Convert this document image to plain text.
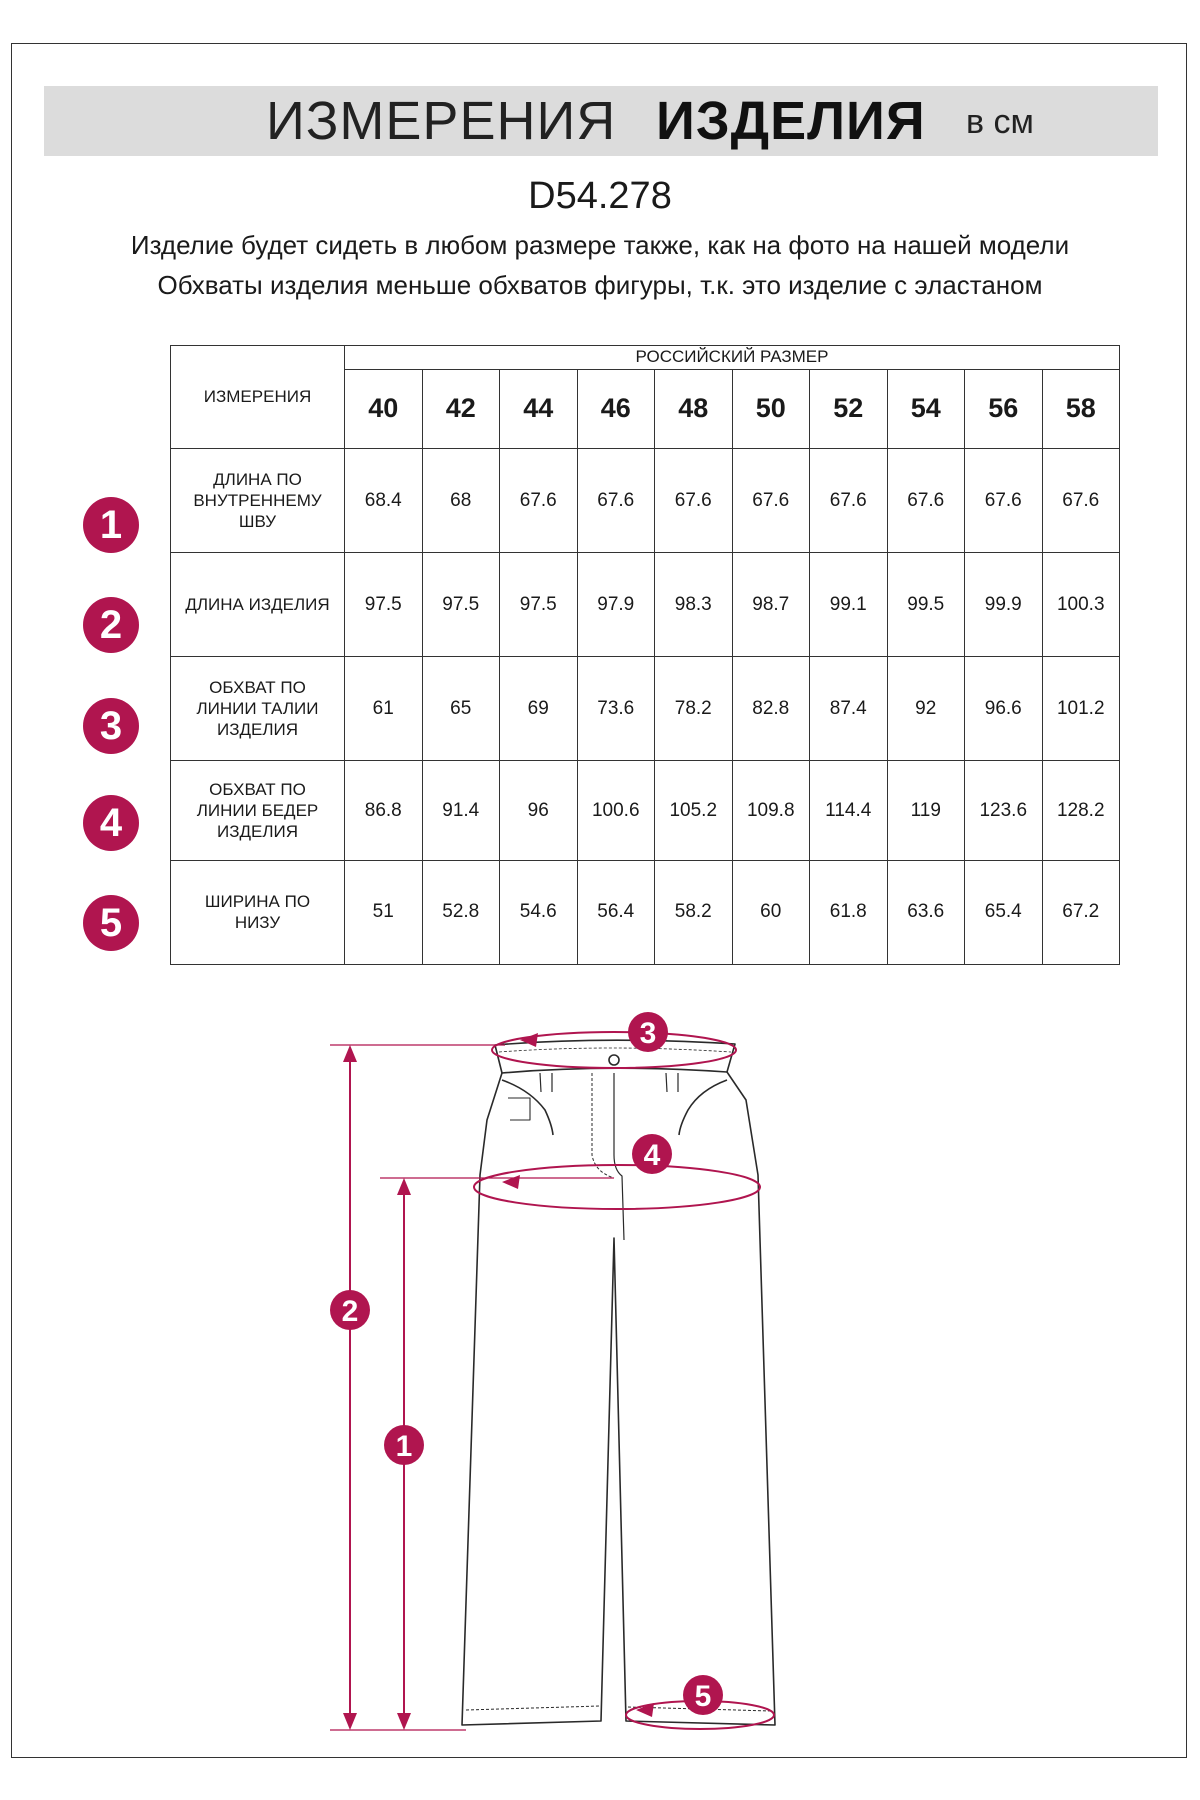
ИЗМЕРЕНИЯ ИЗДЕЛИЯ в см
D54.278
Изделие будет сидеть в любом размере также, как на фото на нашей модели
Обхваты изделия меньше обхватов фигуры, т.к. это изделие с эластаном
ИЗМЕРЕНИЯ	РОССИЙСКИЙ РАЗМЕР									
	40	42	44	46	48	50	52	54	56	58

ДЛИНА ПО
ВНУТРЕННЕМУ
ШВУ	68.4	68	67.6	67.6	67.6	67.6	67.6	67.6	67.6	67.6

ДЛИНА ИЗДЕЛИЯ	97.5	97.5	97.5	97.9	98.3	98.7	99.1	99.5	99.9	100.3

ОБХВАТ ПО
ЛИНИИ ТАЛИИ
ИЗДЕЛИЯ	61	65	69	73.6	78.2	82.8	87.4	92	96.6	101.2

ОБХВАТ ПО
ЛИНИИ БЕДЕР
ИЗДЕЛИЯ	86.8	91.4	96	100.6	105.2	109.8	114.4	119	123.6	128.2

ШИРИНА ПО
НИЗУ	51	52.8	54.6	56.4	58.2	60	61.8	63.6	65.4	67.2
1
2
3
4
5
3
4
2
1
5
